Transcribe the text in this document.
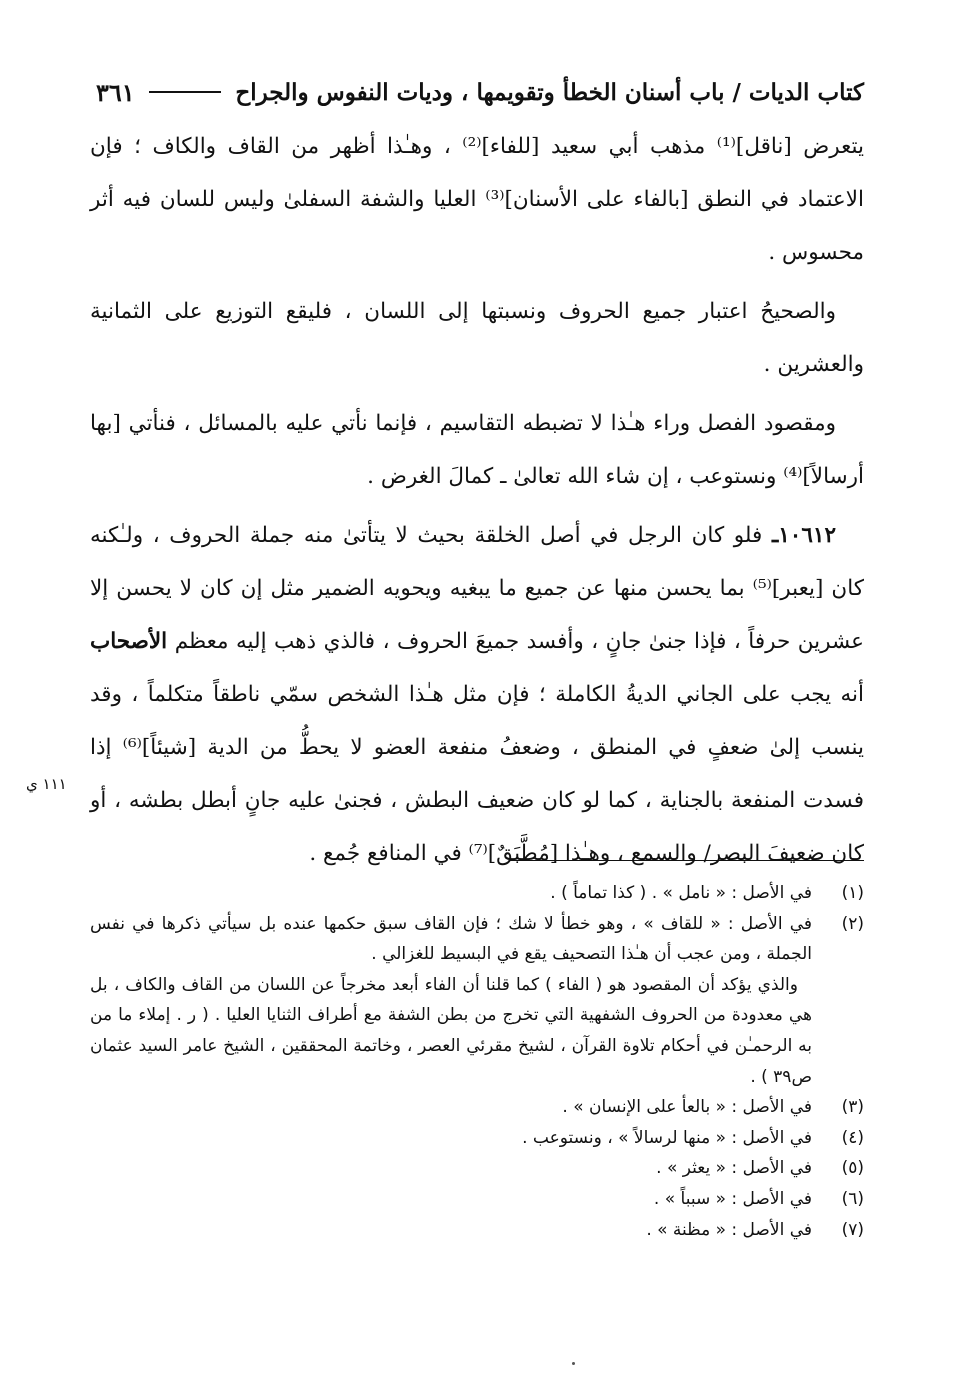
كتاب الديات / باب أسنان الخطأ وتقويمها ، وديات النفوس والجراح
٣٦١

يتعرض [ناقل]⁽¹⁾ مذهب أبي سعيد [للفاء]⁽²⁾ ، وهـٰذا أظهر من القاف والكاف ؛ فإن الاعتماد في النطق [بالفاء على الأسنان]⁽³⁾ العليا والشفة السفلىٰ وليس للسان فيه أثر محسوس .

والصحيحُ اعتبار جميع الحروف ونسبتها إلى اللسان ، فليقع التوزيع على الثمانية والعشرين .

ومقصود الفصل وراء هـٰذا لا تضبطه التقاسيم ، فإنما نأتي عليه بالمسائل ، فنأتي [بها أرسالاً]⁽⁴⁾ ونستوعب ، إن شاء الله تعالىٰ ـ كمالَ الغرض .

١٠٦١٢ـ فلو كان الرجل في أصل الخلقة بحيث لا يتأتىٰ منه جملة الحروف ، ولـٰكنه كان [يعبر]⁽⁵⁾ بما يحسن منها عن جميع ما يبغيه ويحويه الضمير مثل إن كان لا يحسن إلا عشرين حرفاً ، فإذا جنىٰ جانٍ ، وأفسد جميعَ الحروف ، فالذي ذهب إليه معظم الأصحاب أنه يجب على الجاني الديةُ الكاملة ؛ فإن مثل هـٰذا الشخص سمّي ناطقاً متكلماً ، وقد ينسب إلىٰ ضعفٍ في المنطق ، وضعفُ منفعة العضو لا يحطُّ من الدية [شيئاً]⁽⁶⁾ إذا فسدت المنفعة بالجناية ، كما لو كان ضعيف البطش ، فجنىٰ عليه جانٍ أبطل بطشه ، أو كان ضعيفَ البصر/ والسمع ، وهـٰذا [مُطَّبَقٌ]⁽⁷⁾ في المنافع جُمع .

١١١ ي
(١)
في الأصل : « نامل » . ( كذا تماماً ) .
(٢)
في الأصل : « للقاف » ، وهو خطأ لا شك ؛ فإن القاف سبق حكمها عنده بل سيأتي ذكرها في نفس الجملة ، ومن عجب أن هـٰذا التصحيف يقع في البسيط للغزالي .
والذي يؤكد أن المقصود هو ( الفاء ) كما قلنا أن الفاء أبعد مخرجاً عن اللسان من القاف والكاف ، بل هي معدودة من الحروف الشفهية التي تخرج من بطن الشفة مع أطراف الثنايا العليا . ( ر . إملاء ما من به الرحمـٰن في أحكام تلاوة القرآن ، لشيخ مقرئي العصر ، وخاتمة المحققين ، الشيخ عامر السيد عثمان ص٣٩ ) .
(٣)
في الأصل : « بالعأ على الإنسان » .
(٤)
في الأصل : « منها لرسالاً » ، ونستوعب .
(٥)
في الأصل : « يعثر » .
(٦)
في الأصل : « سبباً » .
(٧)
في الأصل : « مظنة » .
